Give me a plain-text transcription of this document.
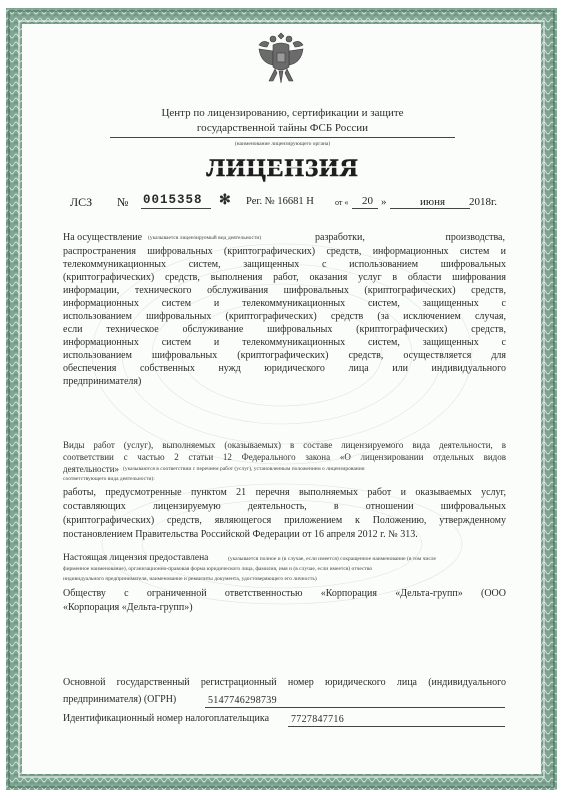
Центр по лицензированию, сертификации и защите
государственной тайны ФСБ России
(наименование лицензирующего органа)
ЛИЦЕНЗИЯ
ЛСЗ № 0015358 ✻ Рег. № 16681 Н	от « 20 »	июня 2018г.
На осуществление (указывается лицензируемый вид деятельности)	разработки, производства,
распространения шифровальных (криптографических) средств, информационных систем и
телекоммуникационных систем, защищенных с использованием шифровальных
(криптографических) средств, выполнения работ, оказания услуг в области шифрования
информации, технического обслуживания шифровальных (криптографических) средств,
информационных систем и телекоммуникационных систем, защищенных с
использованием шифровальных (криптографических) средств (за исключением случая,
если техническое обслуживание шифровальных (криптографических) средств,
информационных систем и телекоммуникационных систем, защищенных с
использованием шифровальных (криптографических) средств, осуществляется для
обеспечения собственных нужд юридического лица или индивидуального
предпринимателя)
Виды работ (услуг), выполняемых (оказываемых) в составе лицензируемого вида деятельности, в
соответствии с частью 2 статьи 12 Федерального закона «О лицензировании отдельных видов
деятельности» (указываются в соответствии с перечнем работ (услуг), установленным положением о лицензировании
соответствующего вида деятельности):
работы, предусмотренные пунктом 21 перечня выполняемых работ и оказываемых услуг,
составляющих лицензируемую деятельность, в отношении шифровальных
(криптографических) средств, являющегося приложением к Положению, утвержденному
постановлением Правительства Российской Федерации от 16 апреля 2012 г. № 313.
Настоящая лицензия предоставлена	(указывается полное и (в случае, если имеется) сокращенное наименование (в том числе
фирменное наименование), организационно-правовая форма юридического лица, фамилия, имя и (в случае, если имеется) отчество
индивидуального предпринимателя, наименование и реквизиты документа, удостоверяющего его личность)
Обществу с ограниченной ответственностью «Корпорация «Дельта-групп» (ООО
«Корпорация «Дельта-групп»)
Основной государственный регистрационный номер юридического лица (индивидуального
предпринимателя) (ОГРН)	5147746298739
Идентификационный номер налогоплательщика 7727847716
